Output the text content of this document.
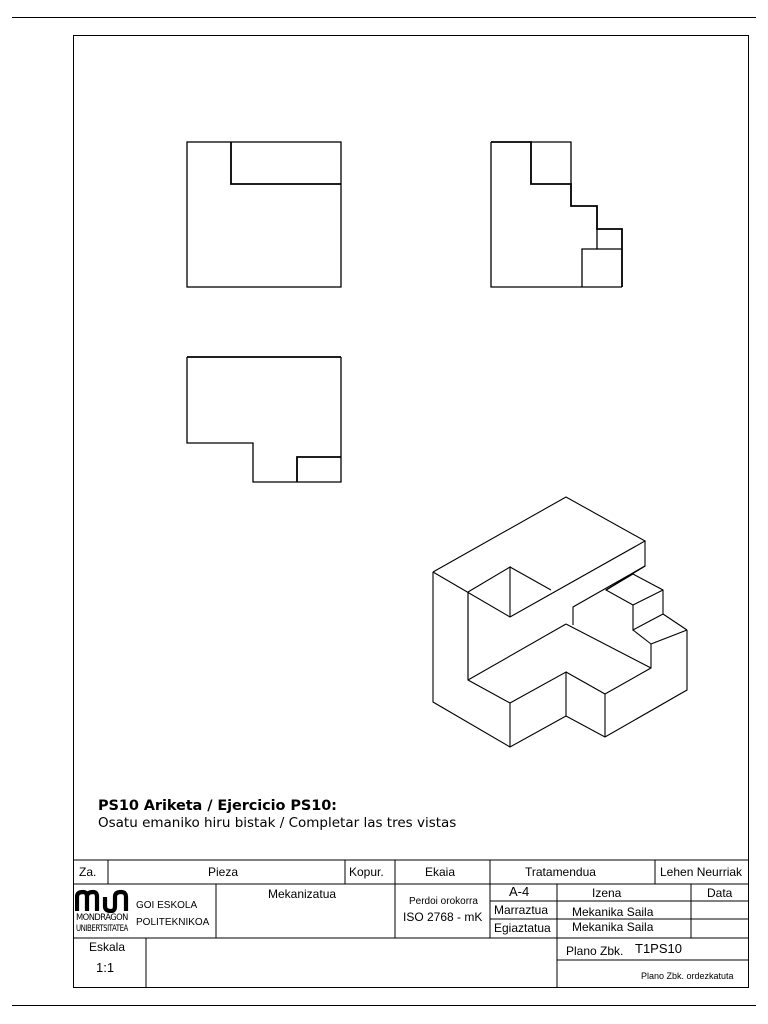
PS10 Ariketa / Ejercicio PS10:
Osatu emaniko hiru bistak / Completar las tres vistas
Za.	Pieza	Kopur.	Ekaia	Tratamendua	Lehen Neurriak
MONDRAGON
UNIBERTSITATEA
GOI ESKOLA
POLITEKNIKOA
Mekanizatua
Perdoi orokorra
ISO 2768 - mK
A-4	Izena	Data
Marraztua Mekanika Saila
Egiaztatua Mekanika Saila
Eskala
1:1
Plano Zbk. T1PS10
Plano Zbk. ordezkatuta
